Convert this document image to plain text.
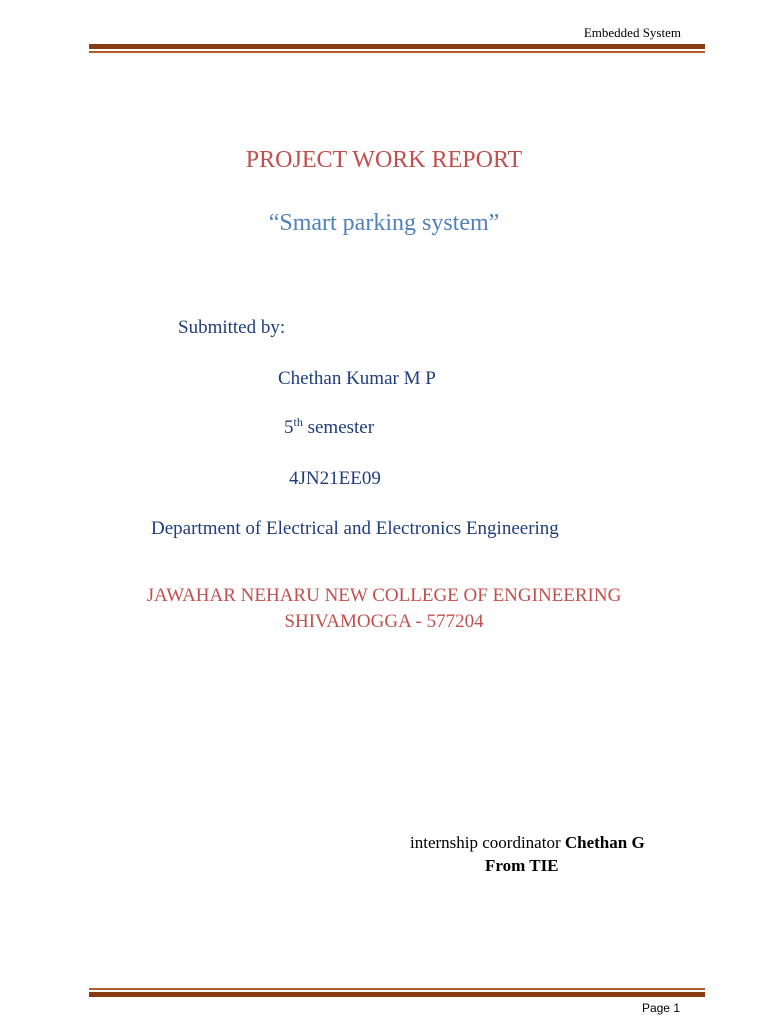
Embedded System
PROJECT WORK REPORT
“Smart parking system”
Submitted by:
Chethan Kumar M P
5th semester
4JN21EE09
Department of Electrical and Electronics Engineering
JAWAHAR NEHARU NEW COLLEGE OF ENGINEERING
SHIVAMOGGA - 577204
internship coordinator Chethan G
From TIE
Page 1
